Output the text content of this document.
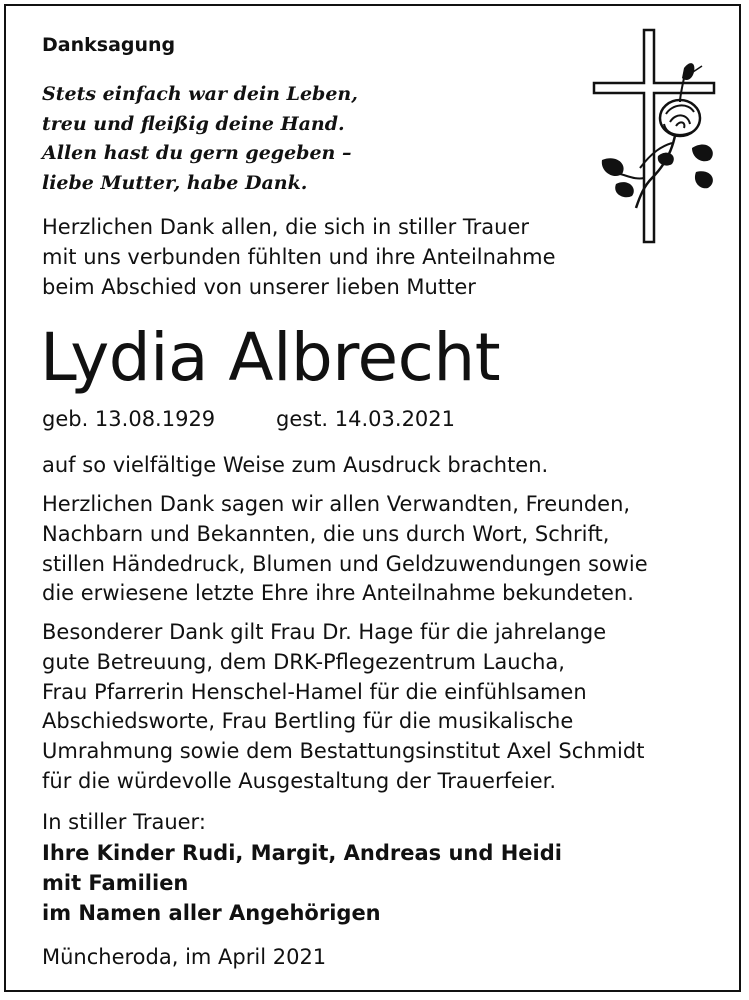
Danksagung
Stets einfach war dein Leben,
treu und fleißig deine Hand.
Allen hast du gern gegeben –
liebe Mutter, habe Dank.
Herzlichen Dank allen, die sich in stiller Trauer
mit uns verbunden fühlten und ihre Anteilnahme
beim Abschied von unserer lieben Mutter
Lydia Albrecht
geb. 13.08.1929	gest. 14.03.2021
auf so vielfältige Weise zum Ausdruck brachten.
Herzlichen Dank sagen wir allen Verwandten, Freunden,
Nachbarn und Bekannten, die uns durch Wort, Schrift,
stillen Händedruck, Blumen und Geldzuwendungen sowie
die erwiesene letzte Ehre ihre Anteilnahme bekundeten.
Besonderer Dank gilt Frau Dr. Hage für die jahrelange
gute Betreuung, dem DRK-Pflegezentrum Laucha,
Frau Pfarrerin Henschel-Hamel für die einfühlsamen
Abschiedsworte, Frau Bertling für die musikalische
Umrahmung sowie dem Bestattungsinstitut Axel Schmidt
für die würdevolle Ausgestaltung der Trauerfeier.
In stiller Trauer:
Ihre Kinder Rudi, Margit, Andreas und Heidi
mit Familien
im Namen aller Angehörigen
Müncheroda, im April 2021
